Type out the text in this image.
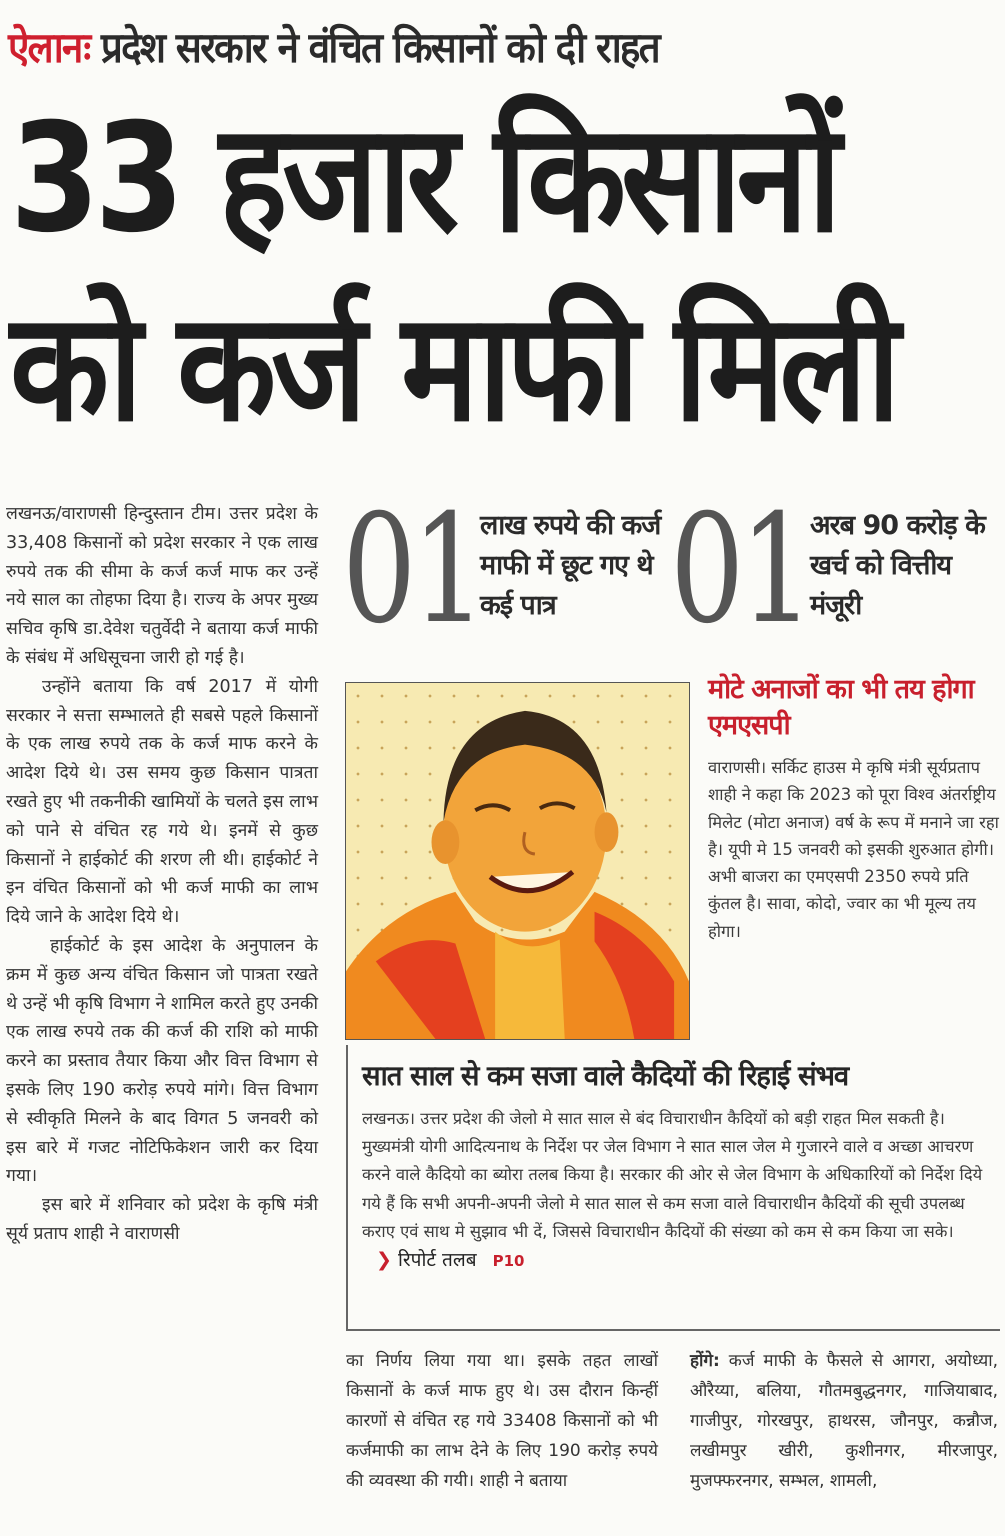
ऐलानः प्रदेश सरकार ने वंचित किसानों को दी राहत
33 हजार किसानों
को कर्ज माफी मिली

लखनऊ/वाराणसी हिन्दुस्तान टीम। उत्तर प्रदेश के 33,408 किसानों को प्रदेश सरकार ने एक लाख रुपये तक की सीमा के कर्ज कर्ज माफ कर उन्हें नये साल का तोहफा दिया है। राज्य के अपर मुख्य सचिव कृषि डा.देवेश चतुर्वेदी ने बताया कर्ज माफी के संबंध में अधिसूचना जारी हो गई है।

उन्होंने बताया कि वर्ष 2017 में योगी सरकार ने सत्ता सम्भालते ही सबसे पहले किसानों के एक लाख रुपये तक के कर्ज माफ करने के आदेश दिये थे। उस समय कुछ किसान पात्रता रखते हुए भी तकनीकी खामियों के चलते इस लाभ को पाने से वंचित रह गये थे। इनमें से कुछ किसानों ने हाईकोर्ट की शरण ली थी। हाईकोर्ट ने इन वंचित किसानों को भी कर्ज माफी का लाभ दिये जाने के आदेश दिये थे।

हाईकोर्ट के इस आदेश के अनुपालन के क्रम में कुछ अन्य वंचित किसान जो पात्रता रखते थे उन्हें भी कृषि विभाग ने शामिल करते हुए उनकी एक लाख रुपये तक की कर्ज की राशि को माफी करने का प्रस्ताव तैयार किया और वित्त विभाग से इसके लिए 190 करोड़ रुपये मांगे। वित्त विभाग से स्वीकृति मिलने के बाद विगत 5 जनवरी को इस बारे में गजट नोटिफिकेशन जारी कर दिया गया।

इस बारे में शनिवार को प्रदेश के कृषि मंत्री सूर्य प्रताप शाही ने वाराणसी

01
लाख रुपये की कर्ज माफी में छूट गए थे कई पात्र 01 अरब 90 करोड़ के खर्च को वित्तीय मंजूरी
मोटे अनाजों का भी तय होगा एमएसपी

वाराणसी। सर्किट हाउस मे कृषि मंत्री सूर्यप्रताप शाही ने कहा कि 2023 को पूरा विश्व अंतर्राष्ट्रीय मिलेट (मोटा अनाज) वर्ष के रूप में मनाने जा रहा है। यूपी मे 15 जनवरी को इसकी शुरुआत होगी। अभी बाजरा का एमएसपी 2350 रुपये प्रति कुंतल है। सावा, कोदो, ज्वार का भी मूल्य तय होगा।

सात साल से कम सजा वाले कैदियों की रिहाई संभव

लखनऊ। उत्तर प्रदेश की जेलो मे सात साल से बंद विचाराधीन कैदियों को बड़ी राहत मिल सकती है। मुख्यमंत्री योगी आदित्यनाथ के निर्देश पर जेल विभाग ने सात साल जेल मे गुजारने वाले व अच्छा आचरण करने वाले कैदियो का ब्योरा तलब किया है। सरकार की ओर से जेल विभाग के अधिकारियों को निर्देश दिये गये हैं कि सभी अपनी-अपनी जेलो मे सात साल से कम सजा वाले विचाराधीन कैदियों की सूची उपलब्ध कराए एवं साथ मे सुझाव भी दें, जिससे विचाराधीन कैदियों की संख्या को कम से कम किया जा सके। ❯ रिपोर्ट तलब P10

का निर्णय लिया गया था। इसके तहत लाखों किसानों के कर्ज माफ हुए थे। उस दौरान किन्हीं कारणों से वंचित रह गये 33408 किसानों को भी कर्जमाफी का लाभ देने के लिए 190 करोड़ रुपये की व्यवस्था की गयी। शाही ने बताया
होंगे: कर्ज माफी के फैसले से आगरा, अयोध्या, औरैय्या, बलिया, गौतमबुद्धनगर, गाजियाबाद, गाजीपुर, गोरखपुर, हाथरस, जौनपुर, कन्नौज, लखीमपुर खीरी, कुशीनगर, मीरजापुर, मुजफ्फरनगर, सम्भल, शामली,
